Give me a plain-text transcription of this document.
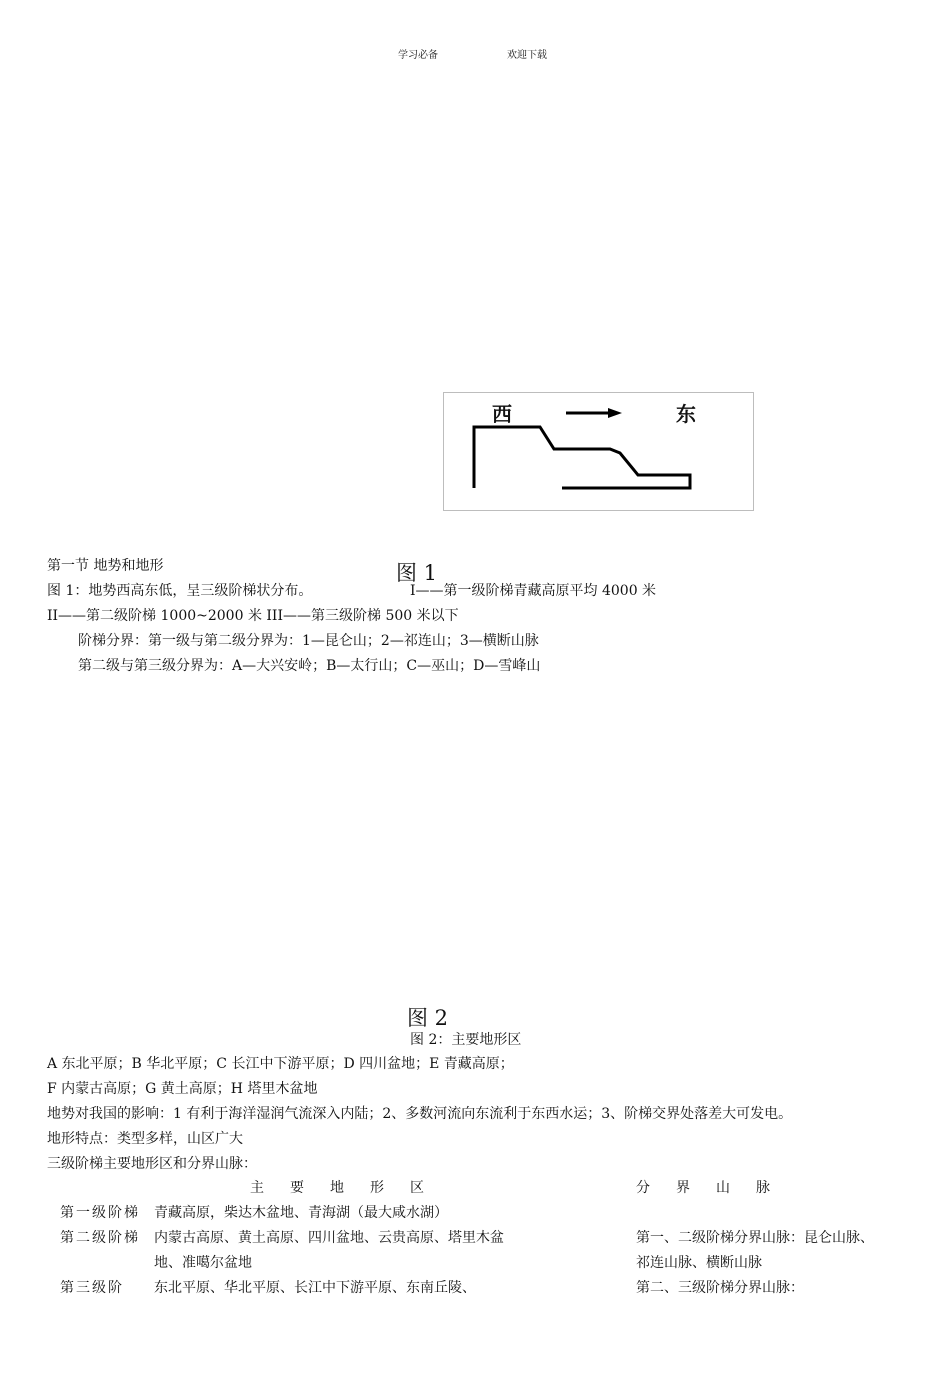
学习必备	欢迎下载
西	东
图 1
第一节 地势和地形
图 1：地势西高东低，呈三级阶梯状分布。	I——第一级阶梯青藏高原平均 4000 米
II——第二级阶梯 1000~2000 米 III——第三级阶梯 500 米以下
阶梯分界：第一级与第二级分界为：1—昆仑山；2—祁连山；3—横断山脉
第二级与第三级分界为：A—大兴安岭；B—太行山；C—巫山；D—雪峰山
图 2
图 2：主要地形区
A 东北平原；B 华北平原；C 长江中下游平原；D 四川盆地；E 青藏高原；
F 内蒙古高原；G 黄土高原；H 塔里木盆地
地势对我国的影响：1 有利于海洋湿润气流深入内陆；2、多数河流向东流利于东西水运；3、阶梯交界处落差大可发电。
地形特点：类型多样，山区广大
三级阶梯主要地形区和分界山脉：
	主要地形区	分界山脉

第一级阶梯	青藏高原，柴达木盆地、青海湖（最大咸水湖）	

第二级阶梯	内蒙古高原、黄土高原、四川盆地、云贵高原、塔里木盆地、准噶尔盆地	第一、二级阶梯分界山脉：昆仑山脉、祁连山脉、横断山脉

第三级阶	东北平原、华北平原、长江中下游平原、东南丘陵、	第二、三级阶梯分界山脉：
